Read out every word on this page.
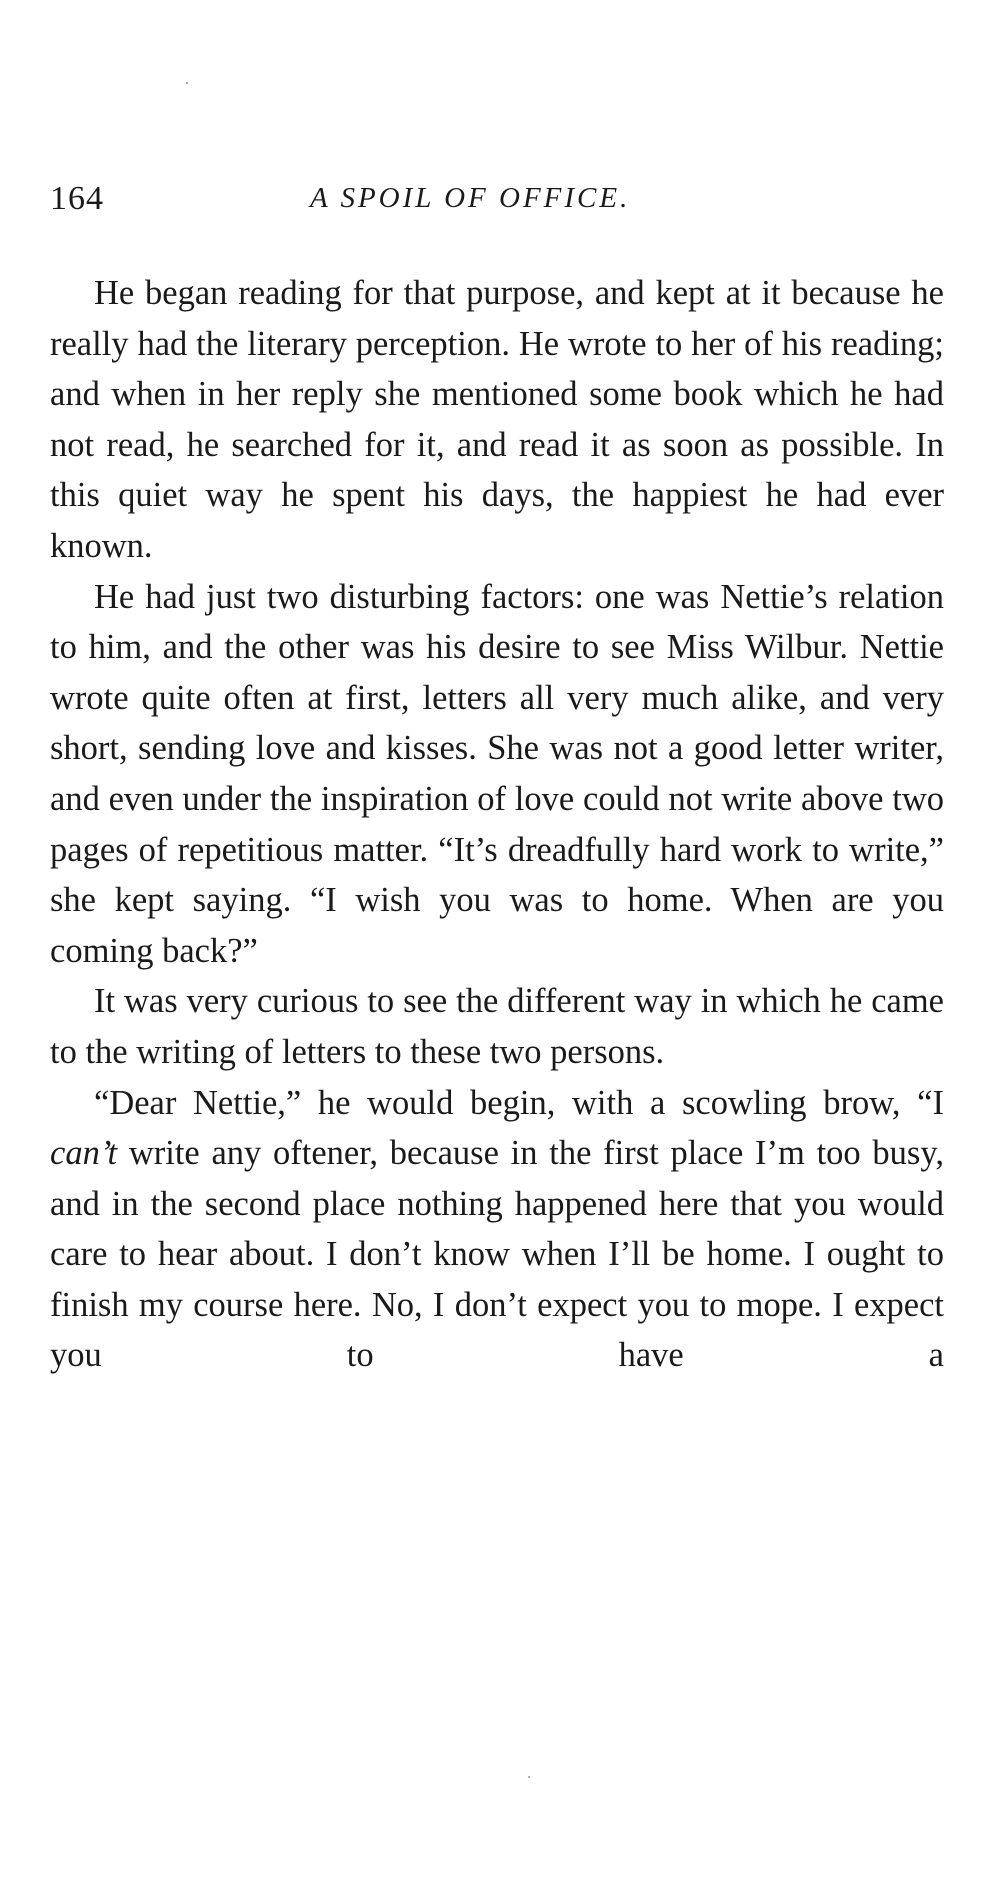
164	A SPOIL OF OFFICE.

He began reading for that purpose, and kept at it because he really had the literary perception. He wrote to her of his reading; and when in her reply she mentioned some book which he had not read, he searched for it, and read it as soon as possible. In this quiet way he spent his days, the happiest he had ever known.

He had just two disturbing factors: one was Nettie’s relation to him, and the other was his desire to see Miss Wilbur. Nettie wrote quite often at first, letters all very much alike, and very short, sending love and kisses. She was not a good letter writer, and even under the inspiration of love could not write above two pages of repetitious matter. “It’s dreadfully hard work to write,” she kept saying. “I wish you was to home. When are you coming back?”

It was very curious to see the different way in which he came to the writing of letters to these two persons.

“Dear Nettie,” he would begin, with a scowling brow, “I can’t write any oftener, because in the first place I’m too busy, and in the second place nothing happened here that you would care to hear about. I don’t know when I’ll be home. I ought to finish my course here. No, I don’t expect you to mope. I expect you to have a
